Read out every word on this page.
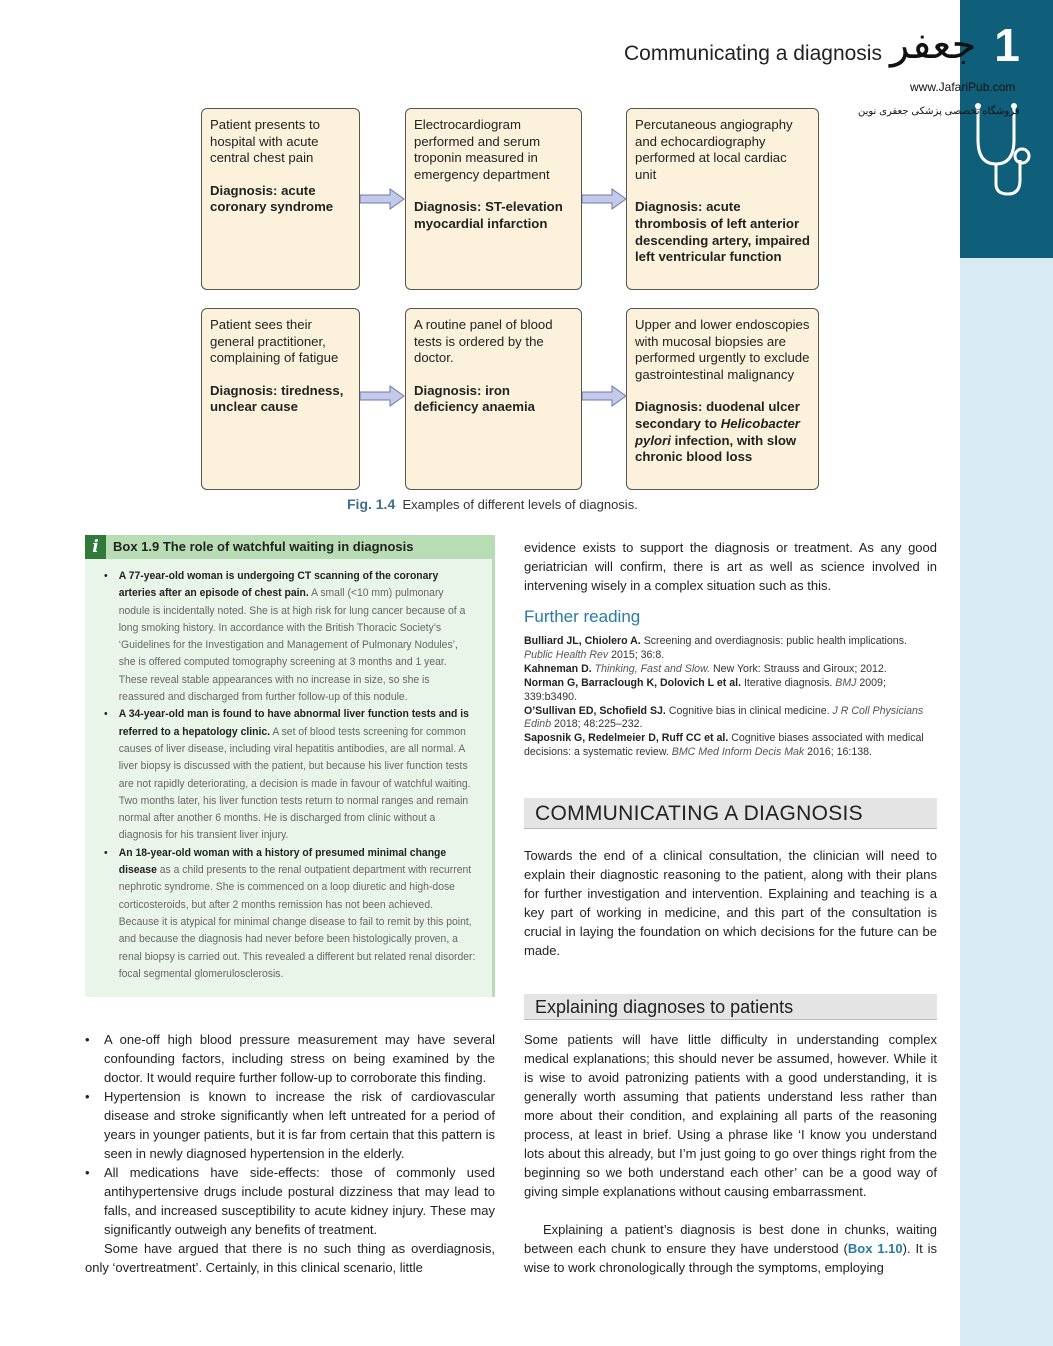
1
Communicating a diagnosis ﺟﻌﻔﺮ
www.JafariPub.com
فروشگاه تخصصی پزشکی جعفری نوین
Patient presents to hospital with acute central chest pain
Diagnosis: acute coronary syndrome
Electrocardiogram performed and serum troponin measured in emergency department
Diagnosis: ST-elevation myocardial infarction
Percutaneous angiography and echocardiography performed at local cardiac unit
Diagnosis: acute thrombosis of left anterior descending artery, impaired left ventricular function
Patient sees their general practitioner, complaining of fatigue
Diagnosis: tiredness, unclear cause
A routine panel of blood tests is ordered by the doctor.
Diagnosis: iron deficiency anaemia
Upper and lower endoscopies with mucosal biopsies are performed urgently to exclude gastrointestinal malignancy
Diagnosis: duodenal ulcer secondary to Helicobacter pylori infection, with slow chronic blood loss
Fig. 1.4 Examples of different levels of diagnosis.
i	Box 1.9 The role of watchful waiting in diagnosis
• A 77-year-old woman is undergoing CT scanning of the coronary arteries after an episode of chest pain. A small (<10 mm) pulmonary nodule is incidentally noted. She is at high risk for lung cancer because of a long smoking history. In accordance with the British Thoracic Society’s ‘Guidelines for the Investigation and Management of Pulmonary Nodules’, she is offered computed tomography screening at 3 months and 1 year. These reveal stable appearances with no increase in size, so she is reassured and discharged from further follow-up of this nodule.
• A 34-year-old man is found to have abnormal liver function tests and is referred to a hepatology clinic. A set of blood tests screening for common causes of liver disease, including viral hepatitis antibodies, are all normal. A liver biopsy is discussed with the patient, but because his liver function tests are not rapidly deteriorating, a decision is made in favour of watchful waiting. Two months later, his liver function tests return to normal ranges and remain normal after another 6 months. He is discharged from clinic without a diagnosis for his transient liver injury.
• An 18-year-old woman with a history of presumed minimal change disease as a child presents to the renal outpatient department with recurrent nephrotic syndrome. She is commenced on a loop diuretic and high-dose corticosteroids, but after 2 months remission has not been achieved. Because it is atypical for minimal change disease to fail to remit by this point, and because the diagnosis had never before been histologically proven, a renal biopsy is carried out. This revealed a different but related renal disorder: focal segmental glomerulosclerosis.
• A one-off high blood pressure measurement may have several confounding factors, including stress on being examined by the doctor. It would require further follow-up to corroborate this finding.
• Hypertension is known to increase the risk of cardiovascular disease and stroke significantly when left untreated for a period of years in younger patients, but it is far from certain that this pattern is seen in newly diagnosed hypertension in the elderly.
• All medications have side-effects: those of commonly used antihypertensive drugs include postural dizziness that may lead to falls, and increased susceptibility to acute kidney injury. These may significantly outweigh any benefits of treatment.

Some have argued that there is no such thing as overdiagnosis, only ‘overtreatment’. Certainly, in this clinical scenario, little

evidence exists to support the diagnosis or treatment. As any good geriatrician will confirm, there is art as well as science involved in intervening wisely in a complex situation such as this.

Further reading

Bulliard JL, Chiolero A. Screening and overdiagnosis: public health implications. Public Health Rev 2015; 36:8.

Kahneman D. Thinking, Fast and Slow. New York: Strauss and Giroux; 2012.

Norman G, Barraclough K, Dolovich L et al. Iterative diagnosis. BMJ 2009; 339:b3490.

O’Sullivan ED, Schofield SJ. Cognitive bias in clinical medicine. J R Coll Physicians Edinb 2018; 48:225–232.

Saposnik G, Redelmeier D, Ruff CC et al. Cognitive biases associated with medical decisions: a systematic review. BMC Med Inform Decis Mak 2016; 16:138.

COMMUNICATING A DIAGNOSIS

Towards the end of a clinical consultation, the clinician will need to explain their diagnostic reasoning to the patient, along with their plans for further investigation and intervention. Explaining and teaching is a key part of working in medicine, and this part of the consultation is crucial in laying the foundation on which decisions for the future can be made.

Explaining diagnoses to patients

Some patients will have little difficulty in understanding complex medical explanations; this should never be assumed, however. While it is wise to avoid patronizing patients with a good understanding, it is generally worth assuming that patients understand less rather than more about their condition, and explaining all parts of the reasoning process, at least in brief. Using a phrase like ‘I know you understand lots about this already, but I’m just going to go over things right from the beginning so we both understand each other’ can be a good way of giving simple explanations without causing embarrassment.

Explaining a patient’s diagnosis is best done in chunks, waiting between each chunk to ensure they have understood (Box 1.10). It is wise to work chronologically through the symptoms, employing
